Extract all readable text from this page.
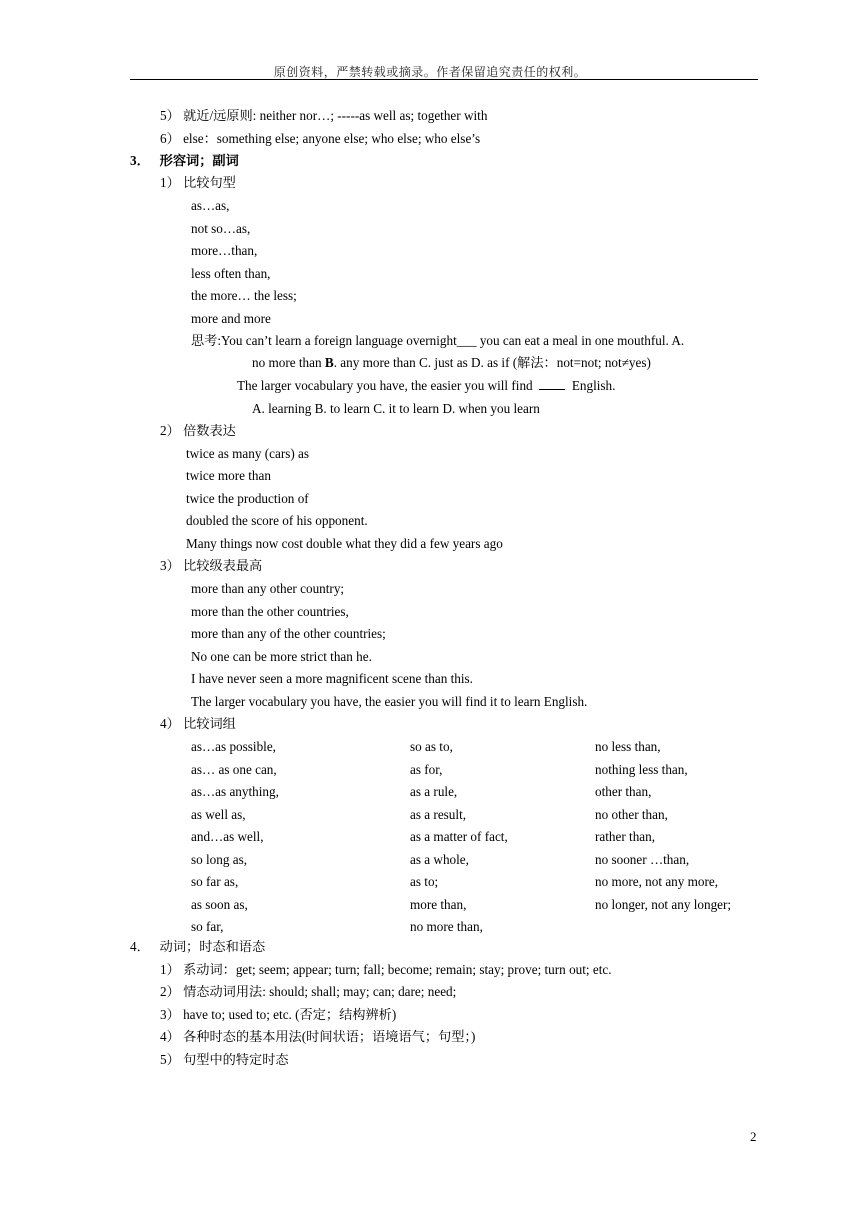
原创资料，严禁转载或摘录。作者保留追究责任的权利。
5） 就近/远原则: neither nor…; -----as well as; together with
6） else：something else; anyone else; who else; who else’s
3． 形容词；副词
1） 比较句型
as…as,
not so…as,
more…than,
less often than,
the more… the less;
more and more
思考:You can’t learn a foreign language overnight___ you can eat a meal in one mouthful. A.
no more than B. any more than C. just as D. as if (解法：not=not; not≠yes)
The larger vocabulary you have, the easier you will find	English.
A. learning B. to learn C. it to learn D. when you learn
2） 倍数表达
twice as many (cars) as
twice more than
twice the production of
doubled the score of his opponent.
Many things now cost double what they did a few years ago
3） 比较级表最高
more than any other country;
more than the other countries,
more than any of the other countries;
No one can be more strict than he.
I have never seen a more magnificent scene than this.
The larger vocabulary you have, the easier you will find it to learn English.
4） 比较词组
as…as possible,
as… as one can,
as…as anything,
as well as,
and…as well,
so long as,
so far as,
as soon as,
so far,
so as to,
as for,
as a rule,
as a result,
as a matter of fact,
as a whole,
as to;
more than,
no more than,
no less than,
nothing less than,
other than,
no other than,
rather than,
no sooner …than,
no more, not any more,
no longer, not any longer;
4． 动词；时态和语态
1） 系动词：get; seem; appear; turn; fall; become; remain; stay; prove; turn out; etc.
2） 情态动词用法: should; shall; may; can; dare; need;
3） have to; used to; etc. (否定；结构辨析)
4） 各种时态的基本用法(时间状语；语境语气；句型；)
5） 句型中的特定时态
2
